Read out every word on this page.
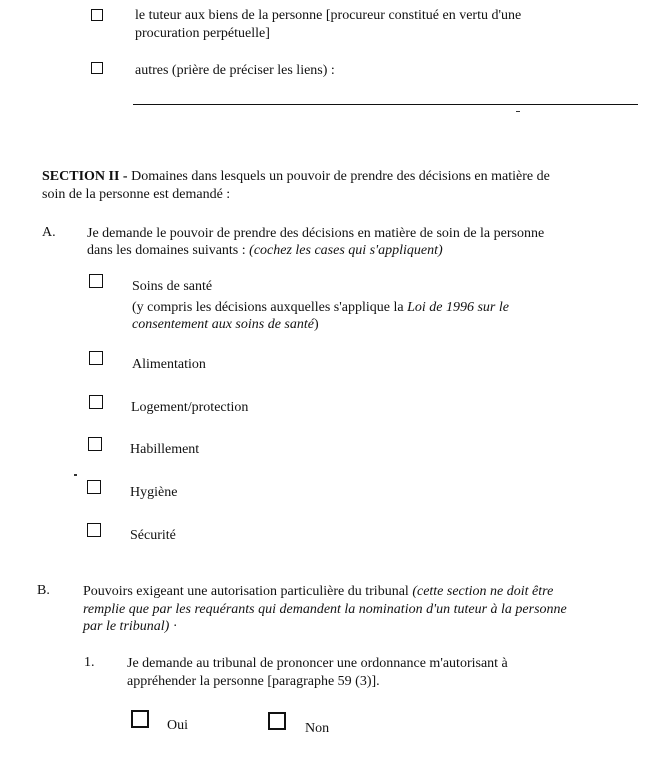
le tuteur aux biens de la personne [procureur constitué en vertu d'une
procuration perpétuelle]
autres (prière de préciser les liens) :
SECTION II - Domaines dans lesquels un pouvoir de prendre des décisions en matière de
soin de la personne est demandé :
A. Je demande le pouvoir de prendre des décisions en matière de soin de la personne
dans les domaines suivants : (cochez les cases qui s'appliquent)
Soins de santé
(y compris les décisions auxquelles s'applique la Loi de 1996 sur le
consentement aux soins de santé)
Alimentation
Logement/protection
Habillement
Hygiène
Sécurité
B. Pouvoirs exigeant une autorisation particulière du tribunal (cette section ne doit être
remplie que par les requérants qui demandent la nomination d'un tuteur à la personne
par le tribunal) ·
1. Je demande au tribunal de prononcer une ordonnance m'autorisant à
appréhender la personne [paragraphe 59 (3)].
Oui	Non
